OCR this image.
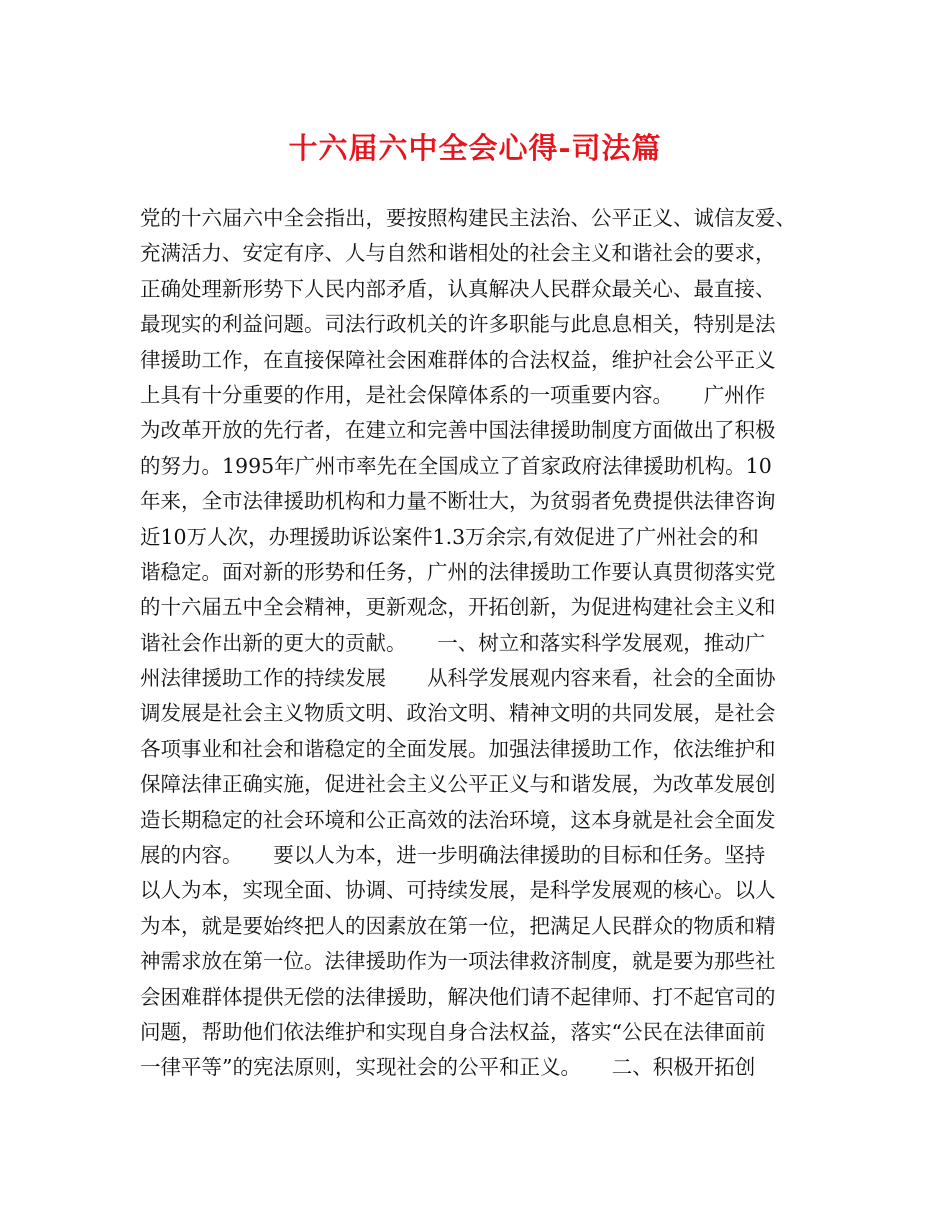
十六届六中全会心得-司法篇
党的十六届六中全会指出，要按照构建民主法治、公平正义、诚信友爱、
充满活力、安定有序、人与自然和谐相处的社会主义和谐社会的要求，
正确处理新形势下人民内部矛盾，认真解决人民群众最关心、最直接、
最现实的利益问题。司法行政机关的许多职能与此息息相关，特别是法
律援助工作，在直接保障社会困难群体的合法权益，维护社会公平正义
上具有十分重要的作用，是社会保障体系的一项重要内容。　　广州作
为改革开放的先行者，在建立和完善中国法律援助制度方面做出了积极
的努力。1995年广州市率先在全国成立了首家政府法律援助机构。10
年来，全市法律援助机构和力量不断壮大，为贫弱者免费提供法律咨询
近10万人次，办理援助诉讼案件1.3万余宗,有效促进了广州社会的和
谐稳定。面对新的形势和任务，广州的法律援助工作要认真贯彻落实党
的十六届五中全会精神，更新观念，开拓创新，为促进构建社会主义和
谐社会作出新的更大的贡献。　　一、树立和落实科学发展观，推动广
州法律援助工作的持续发展　　从科学发展观内容来看，社会的全面协
调发展是社会主义物质文明、政治文明、精神文明的共同发展，是社会
各项事业和社会和谐稳定的全面发展。加强法律援助工作，依法维护和
保障法律正确实施，促进社会主义公平正义与和谐发展，为改革发展创
造长期稳定的社会环境和公正高效的法治环境，这本身就是社会全面发
展的内容。　　要以人为本，进一步明确法律援助的目标和任务。坚持
以人为本，实现全面、协调、可持续发展，是科学发展观的核心。以人
为本，就是要始终把人的因素放在第一位，把满足人民群众的物质和精
神需求放在第一位。法律援助作为一项法律救济制度，就是要为那些社
会困难群体提供无偿的法律援助，解决他们请不起律师、打不起官司的
问题，帮助他们依法维护和实现自身合法权益，落实“公民在法律面前
一律平等”的宪法原则，实现社会的公平和正义。　　二、积极开拓创
